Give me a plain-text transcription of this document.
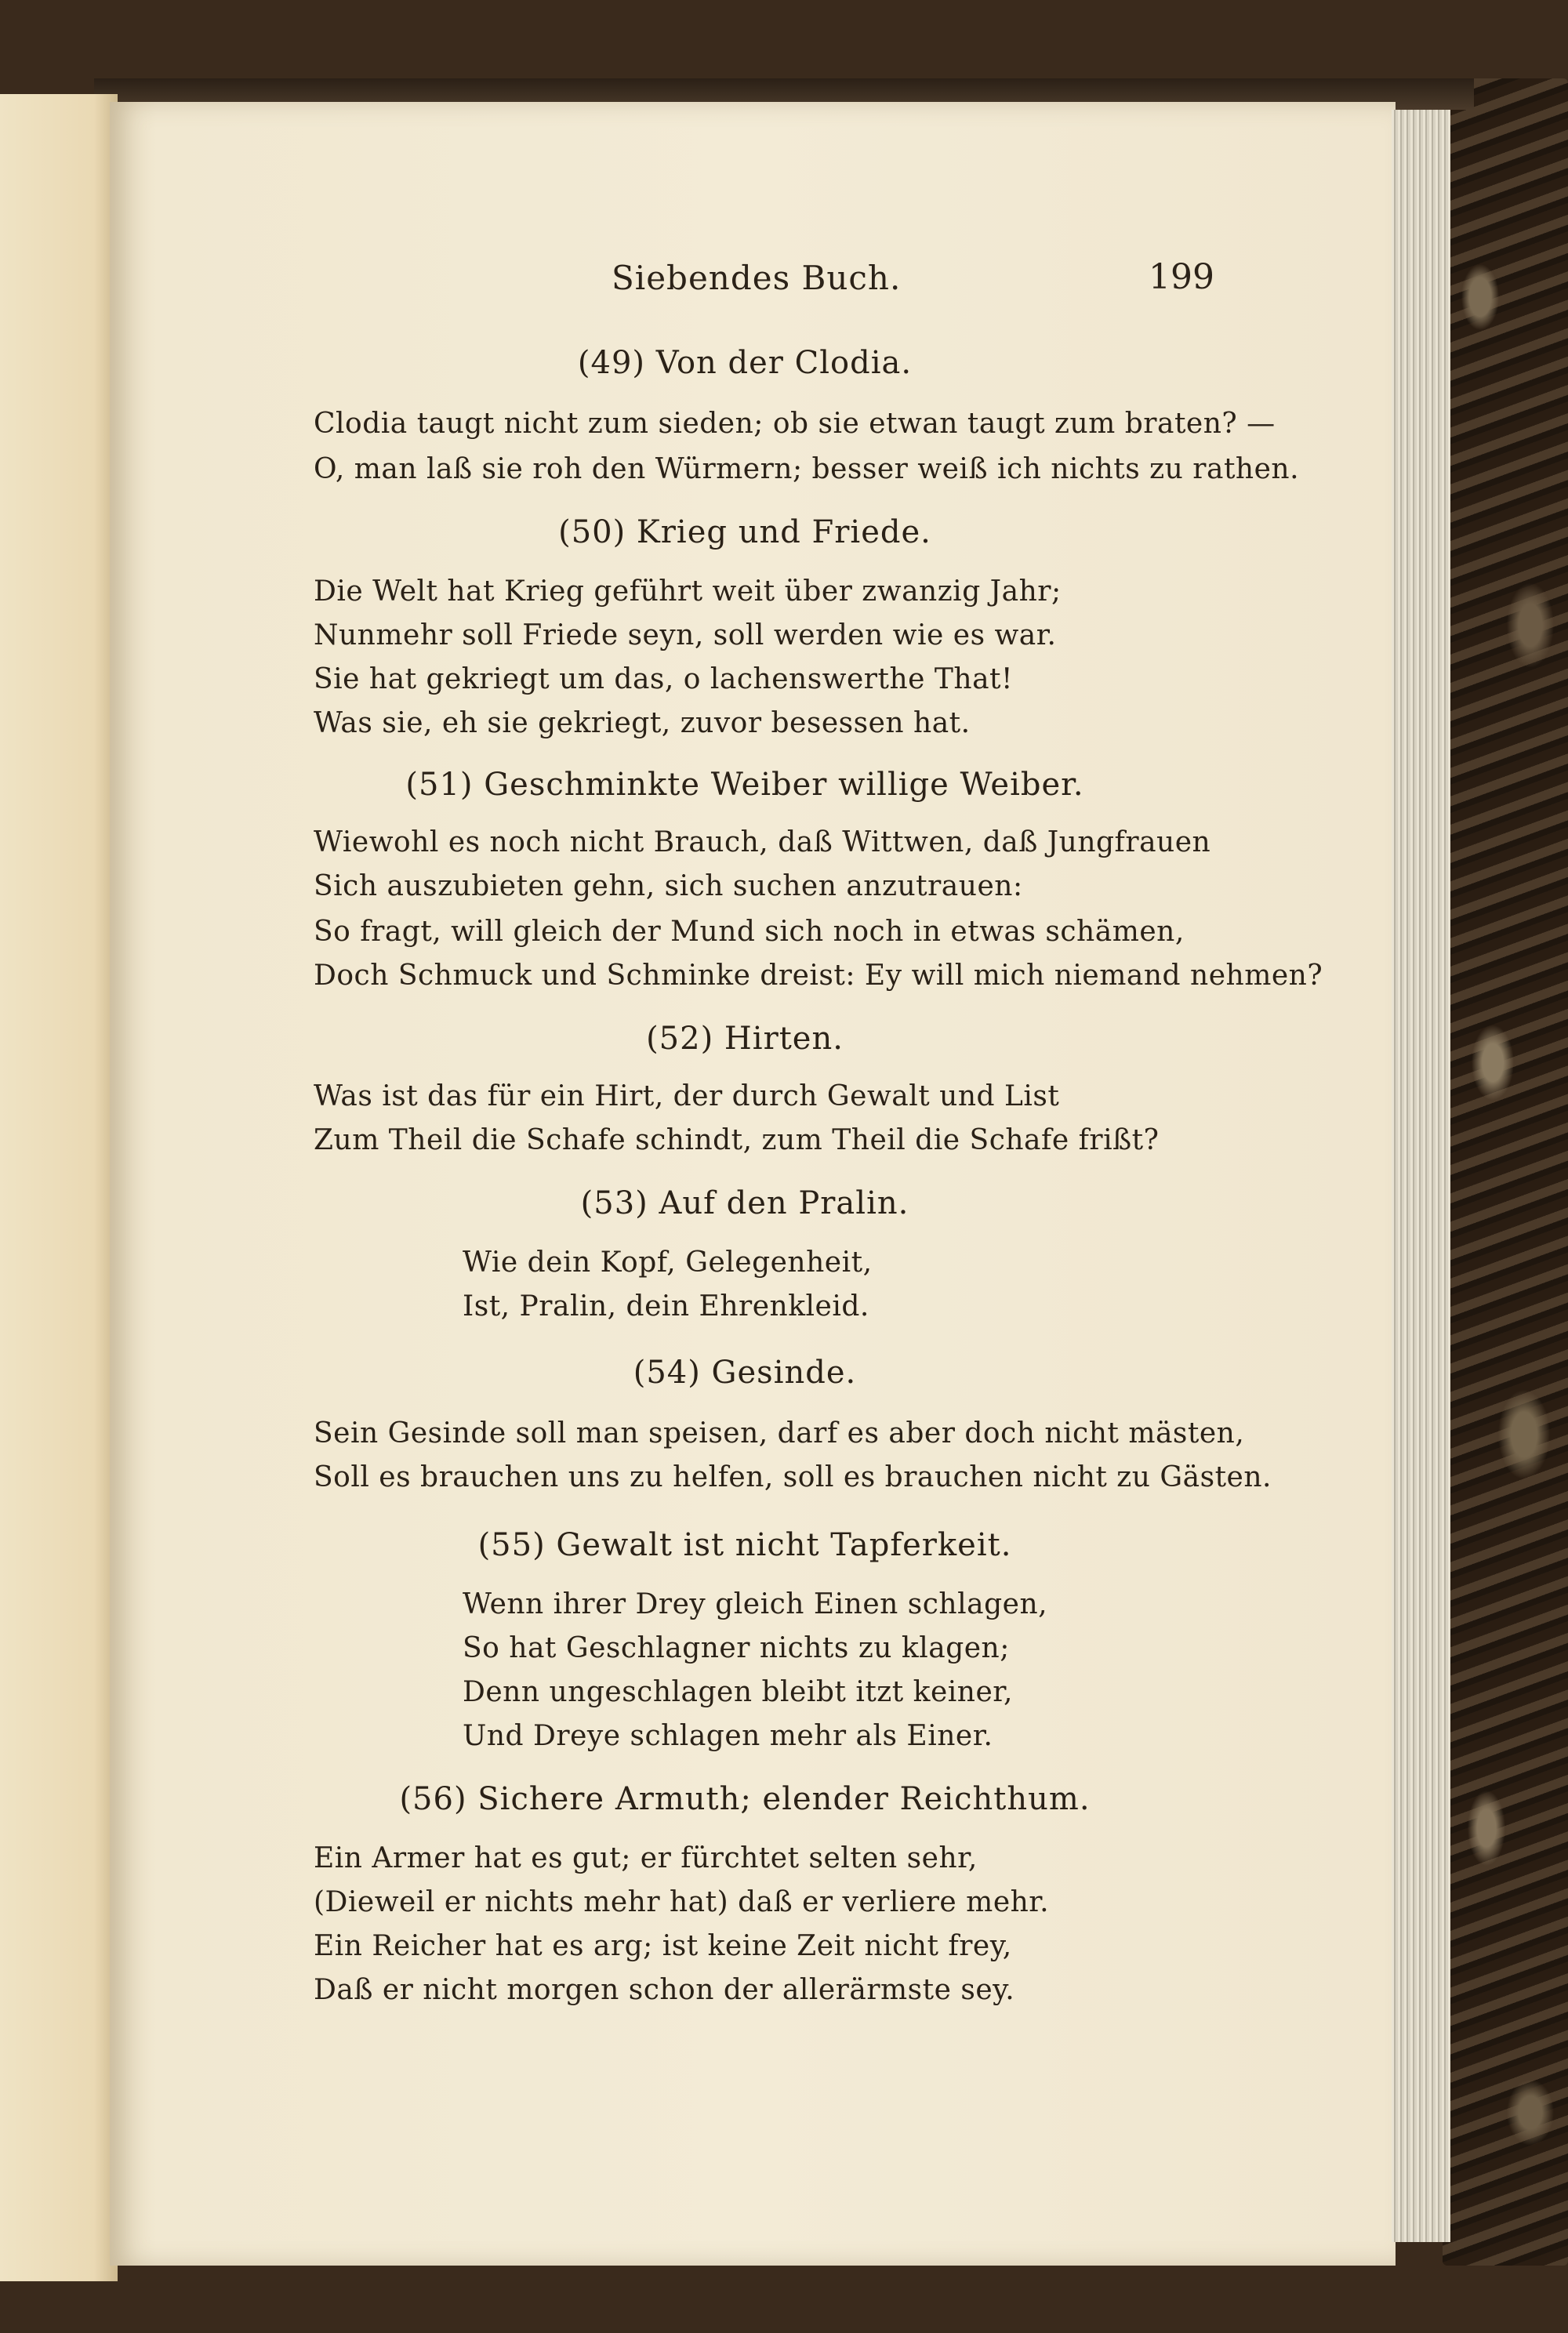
Siebendes Buch.	199
(49) Von der Clodia.
Clodia taugt nicht zum sieden; ob sie etwan taugt zum braten? —
O, man laß sie roh den Würmern; besser weiß ich nichts zu rathen.
(50) Krieg und Friede.
Die Welt hat Krieg geführt weit über zwanzig Jahr;
Nunmehr soll Friede seyn, soll werden wie es war.
Sie hat gekriegt um das, o lachenswerthe That!
Was sie, eh sie gekriegt, zuvor besessen hat.
(51) Geschminkte Weiber willige Weiber.
Wiewohl es noch nicht Brauch, daß Wittwen, daß Jungfrauen
Sich auszubieten gehn, sich suchen anzutrauen:
So fragt, will gleich der Mund sich noch in etwas schämen,
Doch Schmuck und Schminke dreist: Ey will mich niemand nehmen?
(52) Hirten.
Was ist das für ein Hirt, der durch Gewalt und List
Zum Theil die Schafe schindt, zum Theil die Schafe frißt?
(53) Auf den Pralin.
Wie dein Kopf, Gelegenheit,
Ist, Pralin, dein Ehrenkleid.
(54) Gesinde.
Sein Gesinde soll man speisen, darf es aber doch nicht mästen,
Soll es brauchen uns zu helfen, soll es brauchen nicht zu Gästen.
(55) Gewalt ist nicht Tapferkeit.
Wenn ihrer Drey gleich Einen schlagen,
So hat Geschlagner nichts zu klagen;
Denn ungeschlagen bleibt itzt keiner,
Und Dreye schlagen mehr als Einer.
(56) Sichere Armuth; elender Reichthum.
Ein Armer hat es gut; er fürchtet selten sehr,
(Dieweil er nichts mehr hat) daß er verliere mehr.
Ein Reicher hat es arg; ist keine Zeit nicht frey,
Daß er nicht morgen schon der allerärmste sey.
